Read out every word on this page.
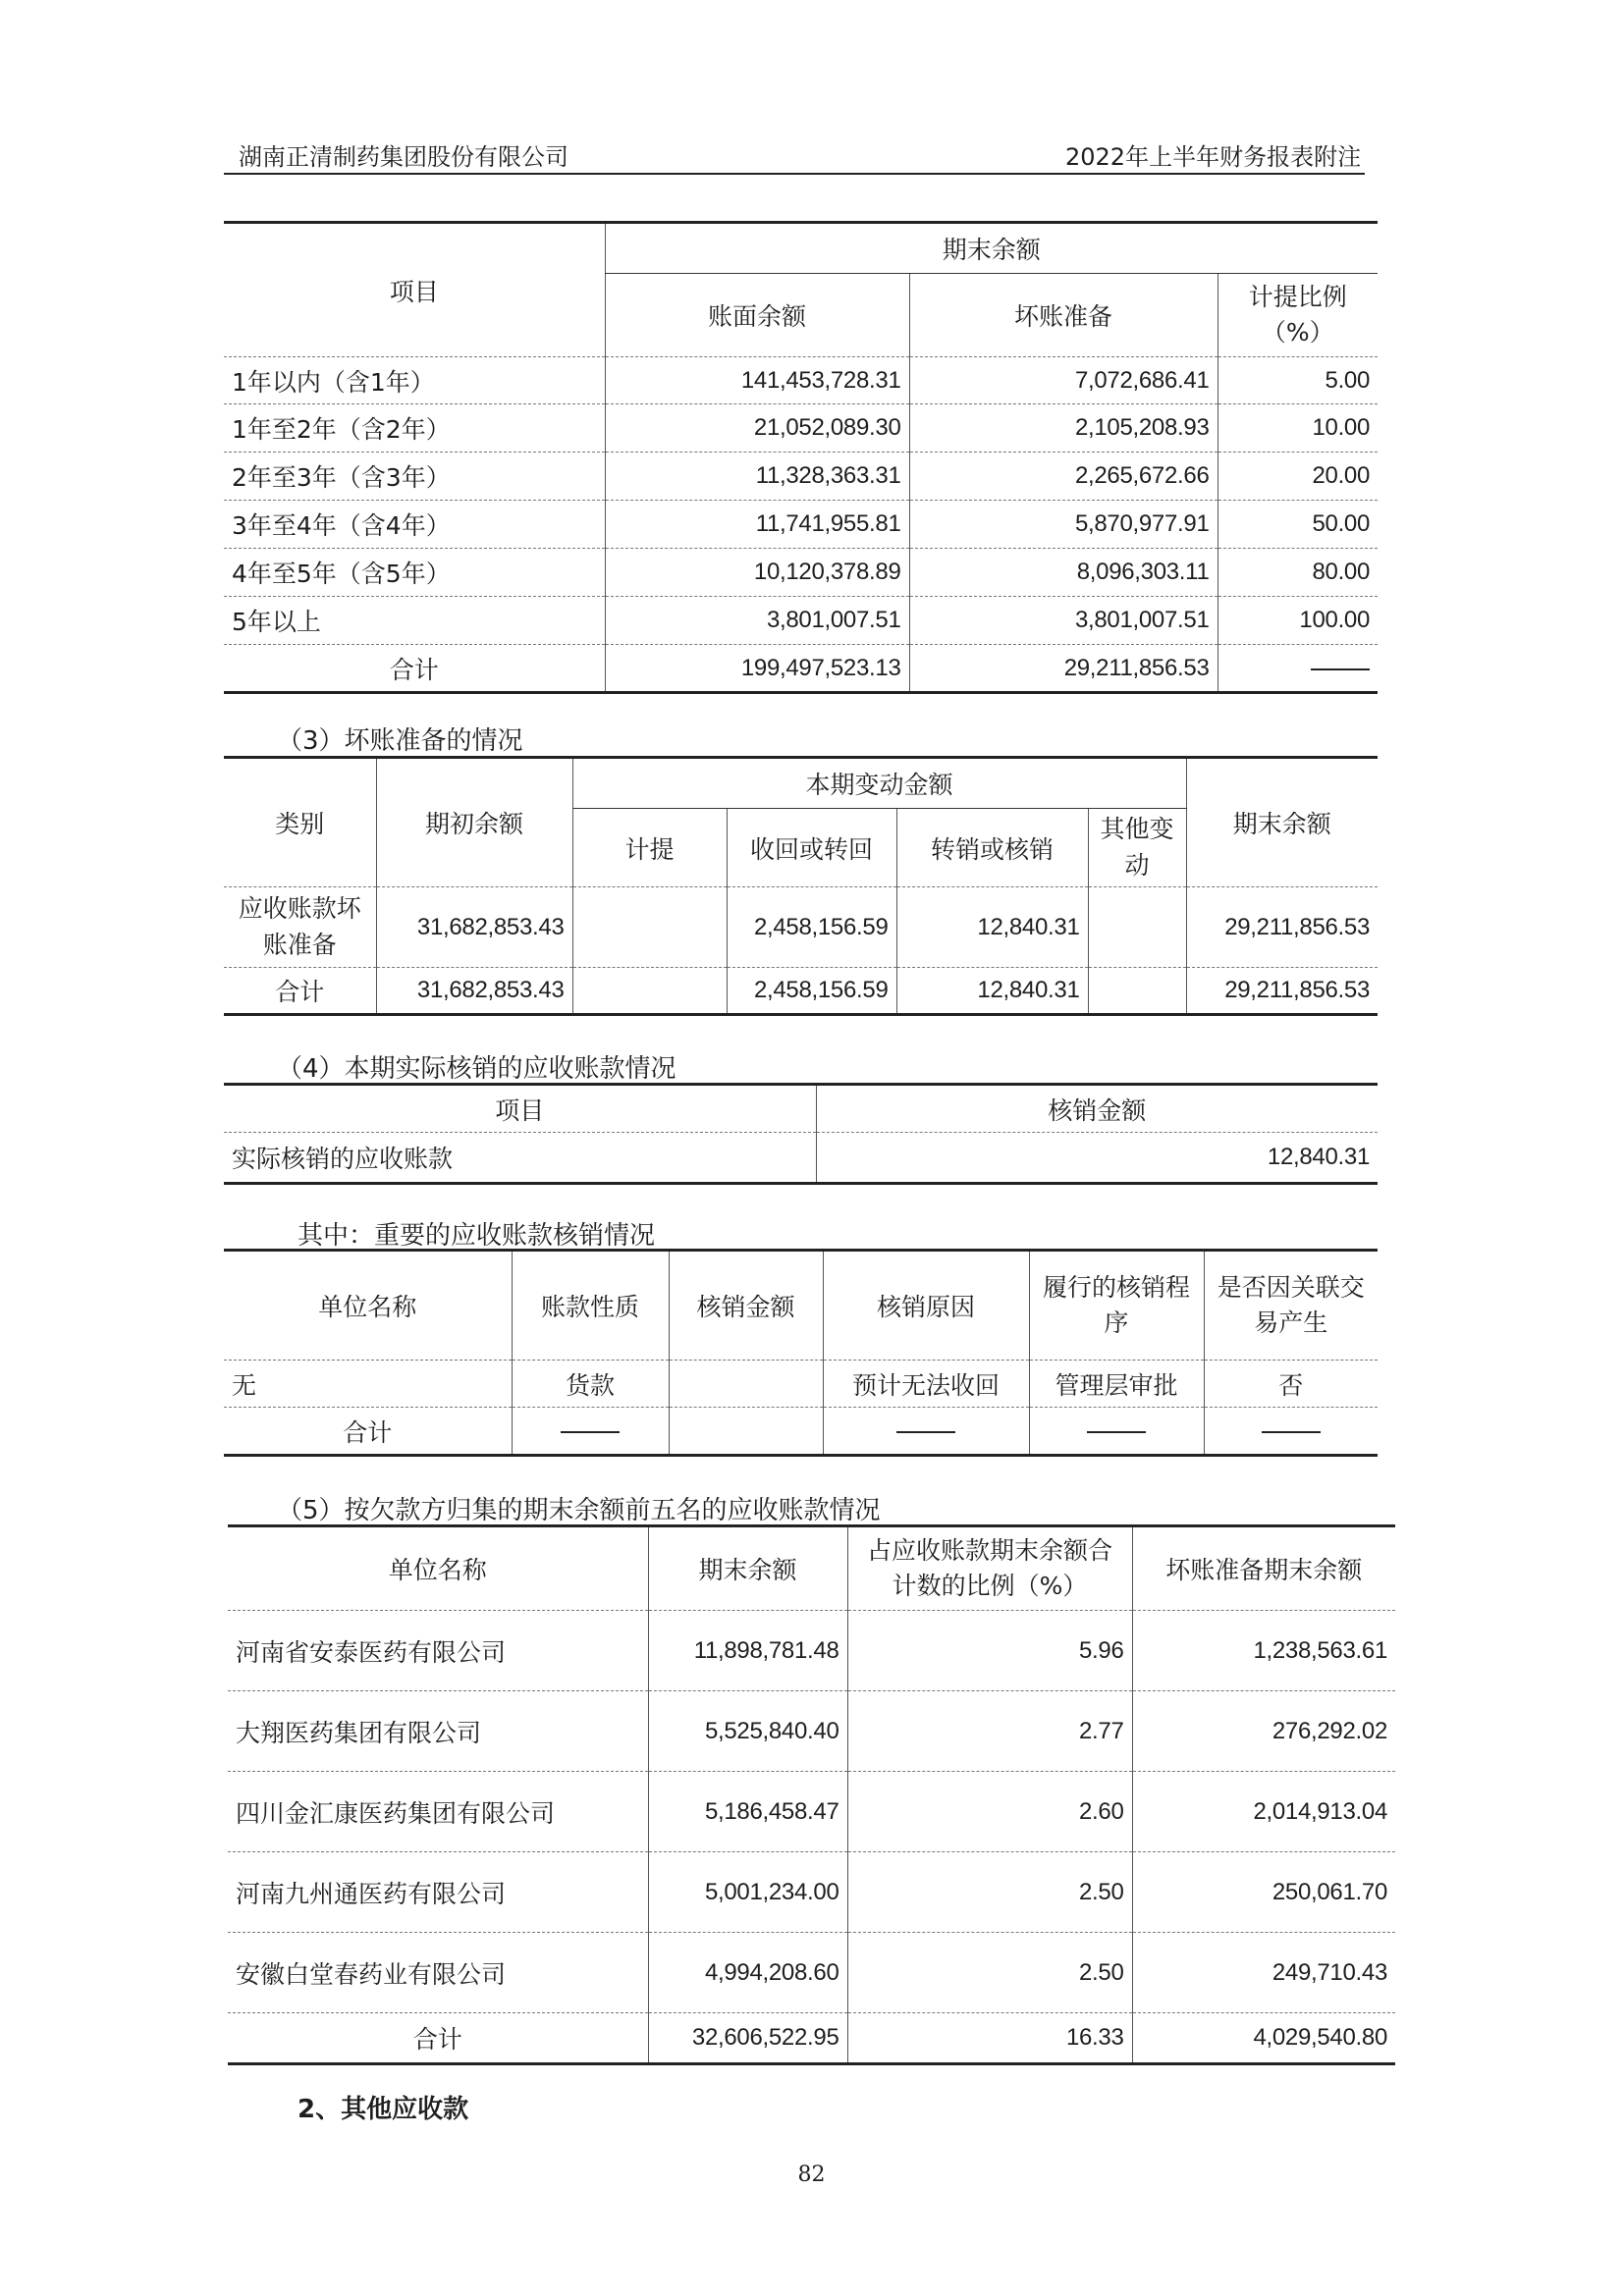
湖南正清制药集团股份有限公司	2022年上半年财务报表附注
项目	期末余额		
	账面余额	坏账准备	计提比例（%）
1年以内（含1年）	141,453,728.31	7,072,686.41	5.00
1年至2年（含2年）	21,052,089.30	2,105,208.93	10.00
2年至3年（含3年）	11,328,363.31	2,265,672.66	20.00
3年至4年（含4年）	11,741,955.81	5,870,977.91	50.00
4年至5年（含5年）	10,120,378.89	8,096,303.11	80.00
5年以上	3,801,007.51	3,801,007.51	100.00
合计	199,497,523.13	29,211,856.53	
（3）坏账准备的情况
类别	期初余额	本期变动金额				期末余额
		计提	收回或转回	转销或核销	其他变动	
应收账款坏账准备	31,682,853.43		2,458,156.59	12,840.31		29,211,856.53
合计	31,682,853.43		2,458,156.59	12,840.31		29,211,856.53
（4）本期实际核销的应收账款情况
项目	核销金额
实际核销的应收账款	12,840.31
其中：重要的应收账款核销情况
单位名称	账款性质	核销金额	核销原因	履行的核销程序	是否因关联交易产生
无	货款		预计无法收回	管理层审批	否
合计					
（5）按欠款方归集的期末余额前五名的应收账款情况
单位名称	期末余额	占应收账款期末余额合计数的比例（%）	坏账准备期末余额
河南省安泰医药有限公司	11,898,781.48	5.96	1,238,563.61
大翔医药集团有限公司	5,525,840.40	2.77	276,292.02
四川金汇康医药集团有限公司	5,186,458.47	2.60	2,014,913.04
河南九州通医药有限公司	5,001,234.00	2.50	250,061.70
安徽白堂春药业有限公司	4,994,208.60	2.50	249,710.43
合计	32,606,522.95	16.33	4,029,540.80
2、其他应收款
82
